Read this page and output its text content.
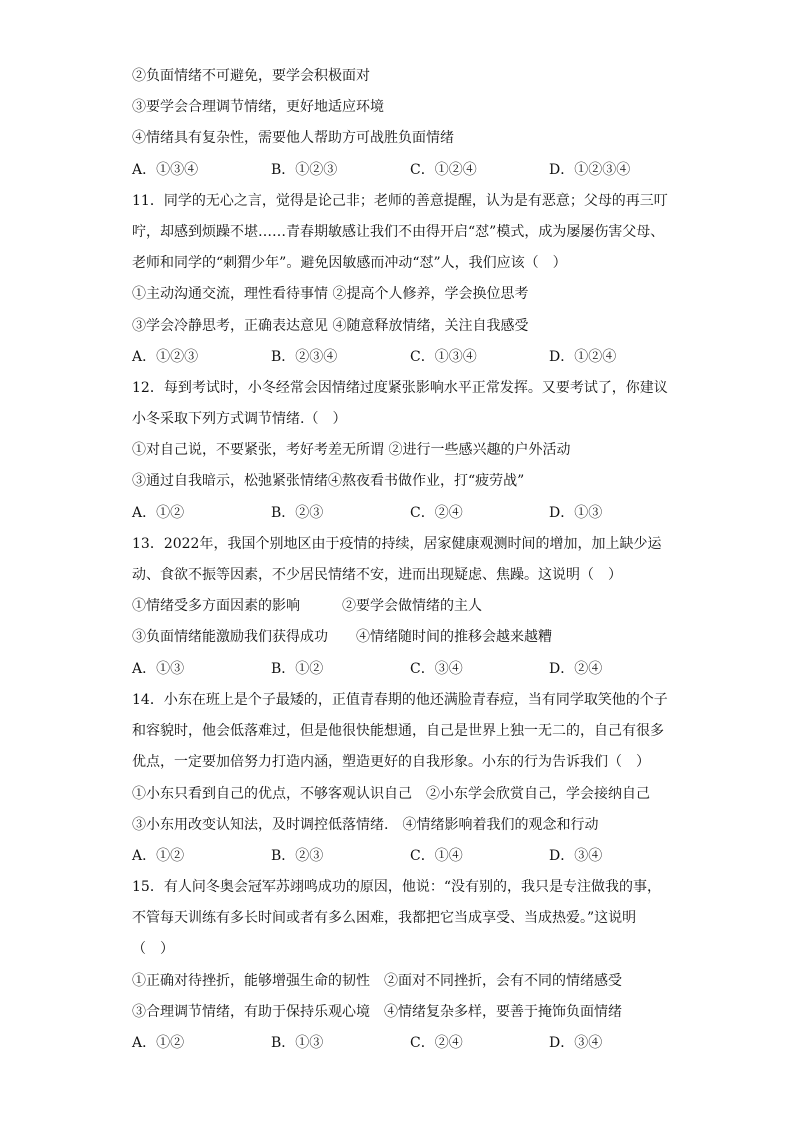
②负面情绪不可避免，要学会积极面对
③要学会合理调节情绪，更好地适应环境
④情绪具有复杂性，需要他人帮助方可战胜负面情绪
A．①③④	B．①②③	C．①②④	D．①②③④
11．同学的无心之言，觉得是论己非；老师的善意提醒，认为是有恶意；父母的再三叮
咛，却感到烦躁不堪……青春期敏感让我们不由得开启“怼”模式，成为屡屡伤害父母、
老师和同学的“刺猬少年”。避免因敏感而冲动“怼”人，我们应该（　）
①主动沟通交流，理性看待事情 ②提高个人修养，学会换位思考
③学会冷静思考，正确表达意见 ④随意释放情绪，关注自我感受
A．①②③	B．②③④	C．①③④	D．①②④
12．每到考试时，小冬经常会因情绪过度紧张影响水平正常发挥。又要考试了，你建议
小冬采取下列方式调节情绪.（　）
①对自己说，不要紧张，考好考差无所谓 ②进行一些感兴趣的户外活动
③通过自我暗示，松弛紧张情绪④熬夜看书做作业，打“疲劳战”
A．①②	B．②③	C．②④	D．①③
13．2022年，我国个别地区由于疫情的持续，居家健康观测时间的增加，加上缺少运
动、食欲不振等因素，不少居民情绪不安，进而出现疑虑、焦躁。这说明（　）
①情绪受多方面因素的影响　　　②要学会做情绪的主人
③负面情绪能激励我们获得成功　　④情绪随时间的推移会越来越糟
A．①③	B．①②	C．③④	D．②④
14．小东在班上是个子最矮的，正值青春期的他还满脸青春痘，当有同学取笑他的个子
和容貌时，他会低落难过，但是他很快能想通，自己是世界上独一无二的，自己有很多
优点，一定要加倍努力打造内涵，塑造更好的自我形象。小东的行为告诉我们（　）
①小东只看到自己的优点，不够客观认识自己　②小东学会欣赏自己，学会接纳自己
③小东用改变认知法，及时调控低落情绪.　④情绪影响着我们的观念和行动
A．①②	B．②③	C．①④	D．③④
15．有人问冬奥会冠军苏翊鸣成功的原因，他说：“没有别的，我只是专注做我的事，
不管每天训练有多长时间或者有多么困难，我都把它当成享受、当成热爱。”这说明
（　）
①正确对待挫折，能够增强生命的韧性　②面对不同挫折，会有不同的情绪感受
③合理调节情绪，有助于保持乐观心境　④情绪复杂多样，要善于掩饰负面情绪
A．①②	B．①③	C．②④	D．③④
